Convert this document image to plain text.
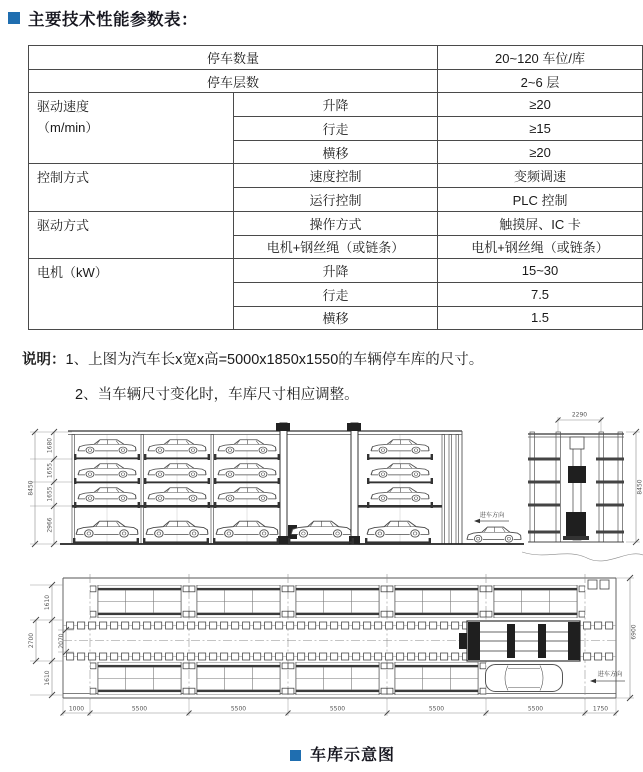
主要技术性能参数表：
停车数量		20~120 车位/库
停车层数		2~6 层
驱动速度
（m/min）	升降	≥20
	行走	≥15
	横移	≥20
控制方式	速度控制	变频调速
	运行控制	PLC 控制
驱动方式	操作方式	触摸屏、IC 卡
	电机+钢丝绳（或链条）	电机+钢丝绳（或链条）
电机（kW）	升降	15~30
	行走	7.5
	横移	1.5
说明：1、上图为汽车长x宽x高=5000x1850x1550的车辆停车库的尺寸。
2、当车辆尺寸变化时，车库尺寸相应调整。
8450
1680
1655
1655
2966
进车方向
2290
8450
1610
1610
2700	2070
6900
进车方向
1000	5500	5500	5500	5500	5500	1750
车库示意图
